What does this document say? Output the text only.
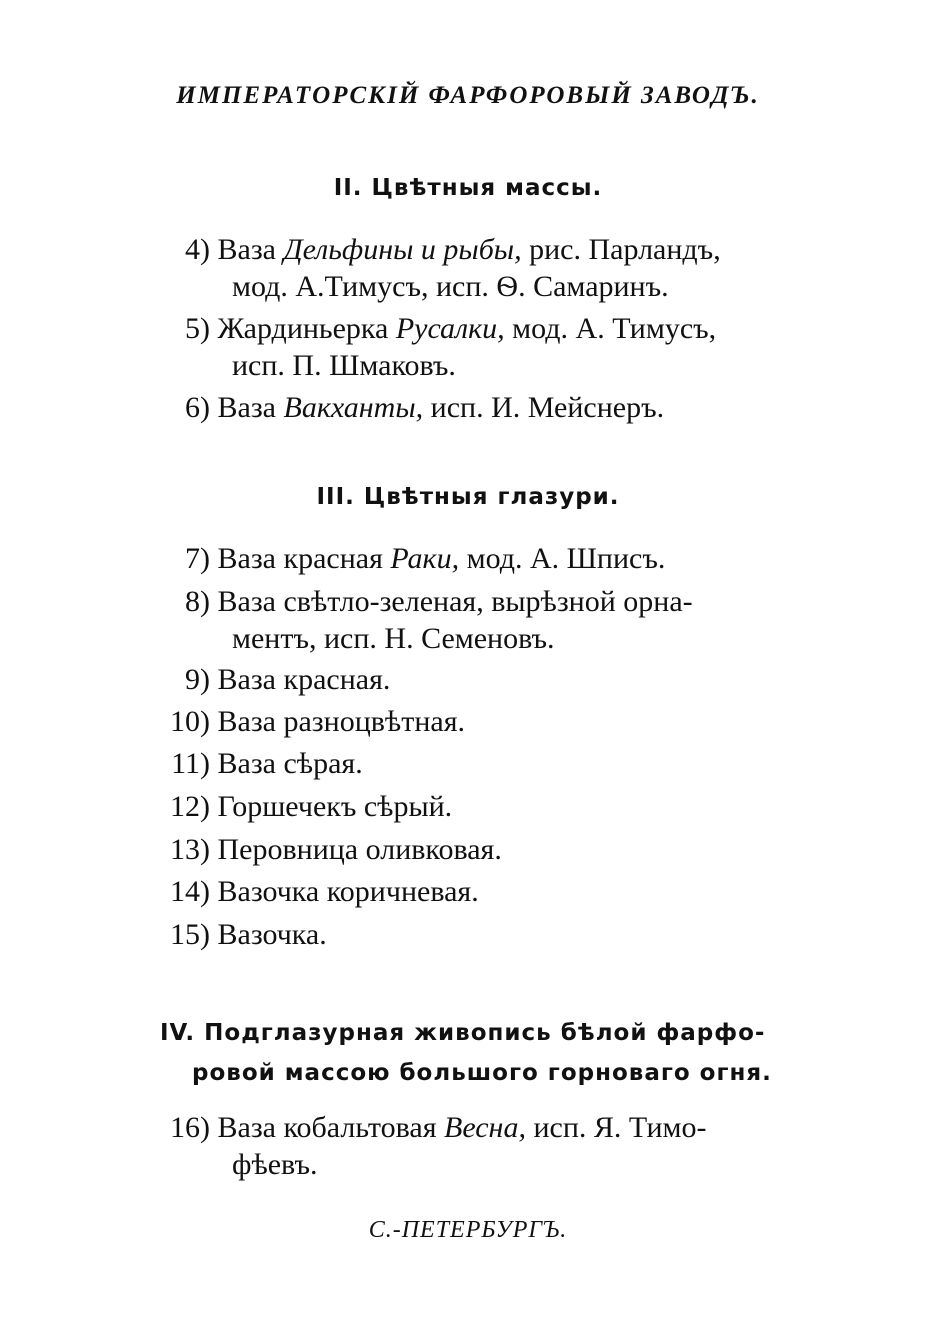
ИМПЕРАТОРСКІЙ ФАРФОРОВЫЙ ЗАВОДЪ.
II. Цвѣтныя массы.
4) Ваза Дельфины и рыбы, рис. Парландъ,
мод. А.Тимусъ, исп. Ѳ. Самаринъ.
5) Жардиньерка Русалки, мод. А. Тимусъ,
исп. П. Шмаковъ.
6) Ваза Вакханты, исп. И. Мейснеръ.
III. Цвѣтныя глазури.
7) Ваза красная Раки, мод. А. Шписъ.
8) Ваза свѣтло-зеленая, вырѣзной орна-
ментъ, исп. Н. Семеновъ.
9) Ваза красная.
10) Ваза разноцвѣтная.
11) Ваза сѣрая.
12) Горшечекъ сѣрый.
13) Перовница оливковая.
14) Вазочка коричневая.
15) Вазочка.
IV. Подглазурная живопись бѣлой фарфо-
ровой массою большого горноваго огня.
16) Ваза кобальтовая Весна, исп. Я. Тимо-
фѣевъ.
С.-ПЕТЕРБУРГЪ.
